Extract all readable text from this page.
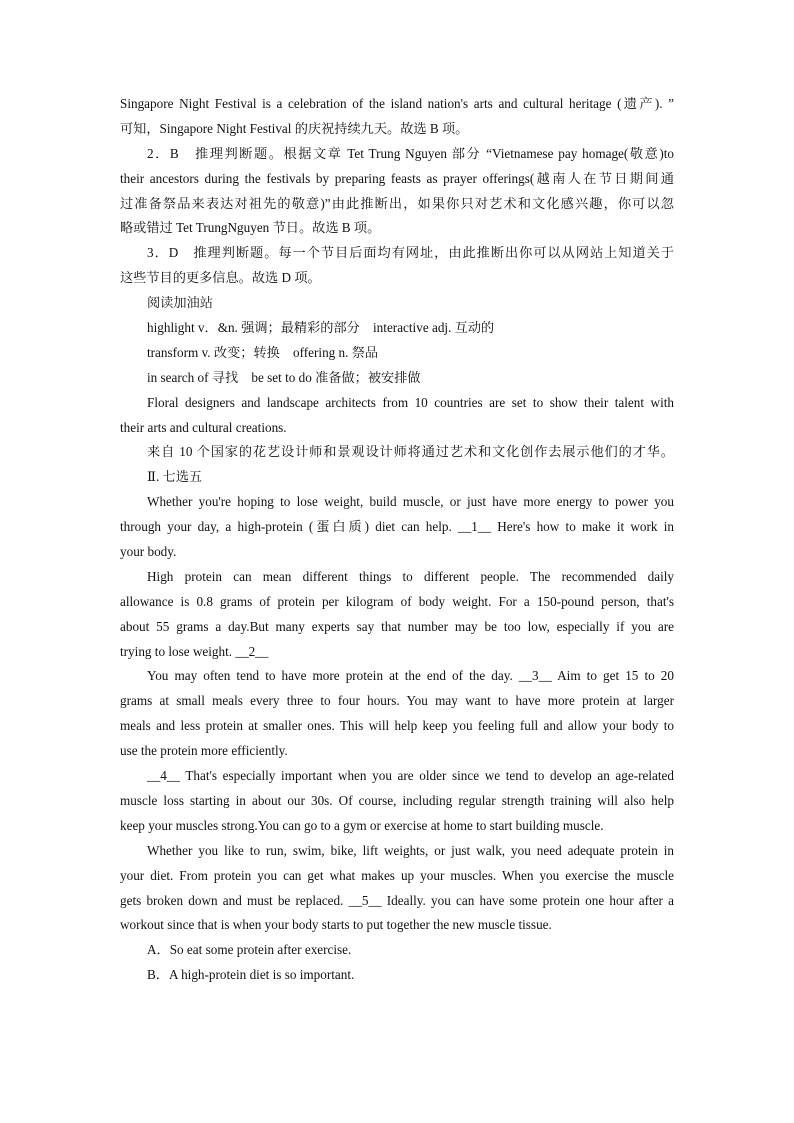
Singapore Night Festival is a celebration of the island nation's arts and cultural heritage (遗产). ”
可知，Singapore Night Festival 的庆祝持续九天。故选 B 项。
2．B　推理判断题。根据文章 Tet Trung Nguyen 部分 “Vietnamese pay homage(敬意)to
their ancestors during the festivals by preparing feasts as prayer offerings(越南人在节日期间通
过准备祭品来表达对祖先的敬意)”由此推断出，如果你只对艺术和文化感兴趣，你可以忽
略或错过 Tet TrungNguyen 节日。故选 B 项。
3．D　推理判断题。每一个节目后面均有网址，由此推断出你可以从网站上知道关于
这些节目的更多信息。故选 D 项。
阅读加油站
highlight v．&n. 强调；最精彩的部分　interactive adj. 互动的
transform v. 改变；转换　offering n. 祭品
in search of 寻找　be set to do 准备做；被安排做
Floral designers and landscape architects from 10 countries are set to show their talent with
their arts and cultural creations.
来自 10 个国家的花艺设计师和景观设计师将通过艺术和文化创作去展示他们的才华。
Ⅱ. 七选五
Whether you're hoping to lose weight, build muscle, or just have more energy to power you
through your day, a high-protein (蛋白质) diet can help. __1__ Here's how to make it work in
your body.
High protein can mean different things to different people. The recommended daily
allowance is 0.8 grams of protein per kilogram of body weight. For a 150-pound person, that's
about 55 grams a day.But many experts say that number may be too low, especially if you are
trying to lose weight. __2__
You may often tend to have more protein at the end of the day. __3__ Aim to get 15 to 20
grams at small meals every three to four hours. You may want to have more protein at larger
meals and less protein at smaller ones. This will help keep you feeling full and allow your body to
use the protein more efficiently.
__4__ That's especially important when you are older since we tend to develop an age-related
muscle loss starting in about our 30s. Of course, including regular strength training will also help
keep your muscles strong.You can go to a gym or exercise at home to start building muscle.
Whether you like to run, swim, bike, lift weights, or just walk, you need adequate protein in
your diet. From protein you can get what makes up your muscles. When you exercise the muscle
gets broken down and must be replaced. __5__ Ideally. you can have some protein one hour after a
workout since that is when your body starts to put together the new muscle tissue.
A．So eat some protein after exercise.
B．A high-protein diet is so important.
